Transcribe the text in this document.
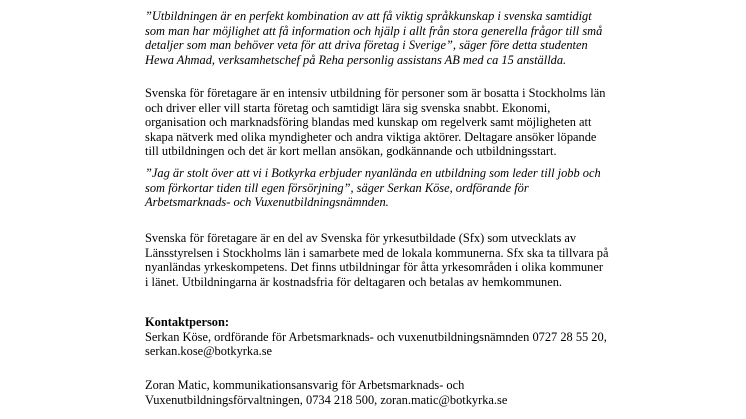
”Utbildningen är en perfekt kombination av att få viktig språkkunskap i svenska samtidigt
som man har möjlighet att få information och hjälp i allt från stora generella frågor till små
detaljer som man behöver veta för att driva företag i Sverige”, säger före detta studenten
Hewa Ahmad, verksamhetschef på Reha personlig assistans AB med ca 15 anställda.

Svenska för företagare är en intensiv utbildning för personer som är bosatta i Stockholms län
och driver eller vill starta företag och samtidigt lära sig svenska snabbt. Ekonomi,
organisation och marknadsföring blandas med kunskap om regelverk samt möjligheten att
skapa nätverk med olika myndigheter och andra viktiga aktörer. Deltagare ansöker löpande
till utbildningen och det är kort mellan ansökan, godkännande och utbildningsstart.

”Jag är stolt över att vi i Botkyrka erbjuder nyanlända en utbildning som leder till jobb och
som förkortar tiden till egen försörjning”, säger Serkan Köse, ordförande för
Arbetsmarknads- och Vuxenutbildningsnämnden.

Svenska för företagare är en del av Svenska för yrkesutbildade (Sfx) som utvecklats av
Länsstyrelsen i Stockholms län i samarbete med de lokala kommunerna. Sfx ska ta tillvara på
nyanländas yrkeskompetens. Det finns utbildningar för åtta yrkesområden i olika kommuner
i länet. Utbildningarna är kostnadsfria för deltagaren och betalas av hemkommunen.

Kontaktperson:
Serkan Köse, ordförande för Arbetsmarknads- och vuxenutbildningsnämnden 0727 28 55 20,
serkan.kose@botkyrka.se
Zoran Matic, kommunikationsansvarig för Arbetsmarknads- och
Vuxenutbildningsförvaltningen, 0734 218 500, zoran.matic@botkyrka.se
